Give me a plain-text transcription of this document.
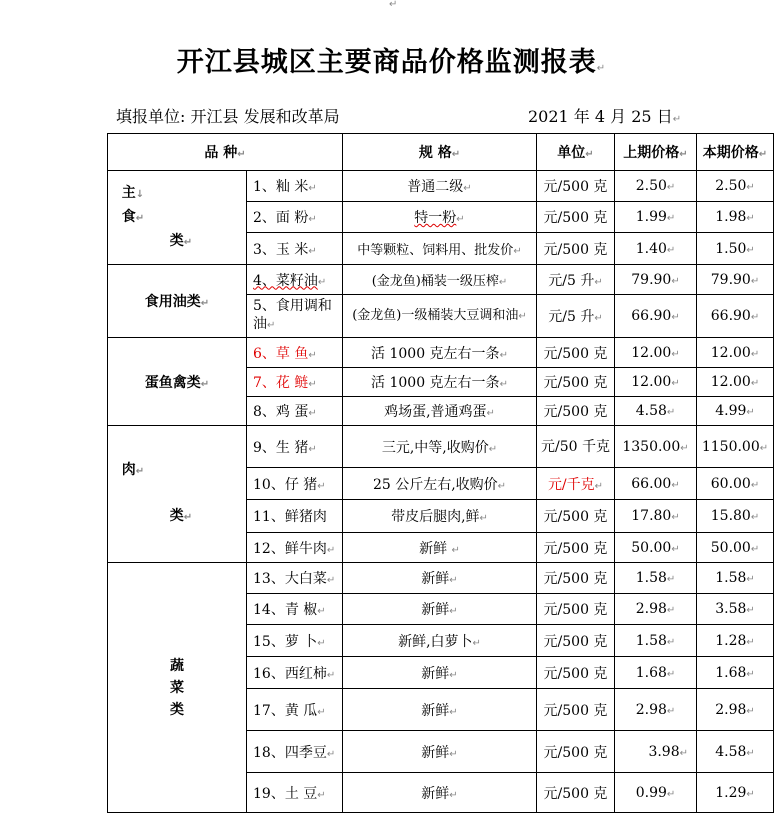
↵
开江县城区主要商品价格监测报表↵
填报单位: 开江县 发展和改革局	2021 年 4 月 25 日↵
品 种↵		规 格↵	单位↵	上期价格↵	本期价格↵
主↓
食↵
类↵	1、籼 米↵	普通二级↵	元/500 克	2.50↵	2.50↵
	2、面 粉↵	特一粉↵	元/500 克	1.99↵	1.98↵
	3、玉 米↵	中等颗粒、饲料用、批发价↵	元/500 克	1.40↵	1.50↵
食用油类↵	4、菜籽油↵	(金龙鱼)桶装一级压榨↵	元/5 升↵	79.90↵	79.90↵
	5、食用调和油↵	(金龙鱼)一级桶装大豆调和油↵	元/5 升↵	66.90↵	66.90↵
蛋鱼禽类↵	6、草 鱼↵	活 1000 克左右一条↵	元/500 克	12.00↵	12.00↵
	7、花 鲢↵	活 1000 克左右一条↵	元/500 克	12.00↵	12.00↵
	8、鸡 蛋↵	鸡场蛋,普通鸡蛋↵	元/500 克	4.58↵	4.99↵
肉↵

类↵	9、生 猪↵	三元,中等,收购价↵	元/50 千克	1350.00↵	1150.00↵
	10、仔 猪↵	25 公斤左右,收购价↵	元/千克↵	66.00↵	60.00↵
	11、鲜猪肉	带皮后腿肉,鲜↵	元/500 克	17.80↵	15.80↵
	12、鲜牛肉↵	新鲜 ↵	元/500 克	50.00↵	50.00↵
蔬
菜
类	13、大白菜↵	新鲜↵	元/500 克	1.58↵	1.58↵
	14、青 椒↵	新鲜↵	元/500 克	2.98↵	3.58↵
	15、萝 卜↵	新鲜,白萝卜↵	元/500 克	1.58↵	1.28↵
	16、西红柿↵	新鲜↵	元/500 克	1.68↵	1.68↵
	17、黄 瓜↵	新鲜↵	元/500 克	2.98↵	2.98↵
	18、四季豆↵	新鲜↵	元/500 克	3.98↵	4.58↵
	19、土 豆↵	新鲜↵	元/500 克	0.99↵	1.29↵
